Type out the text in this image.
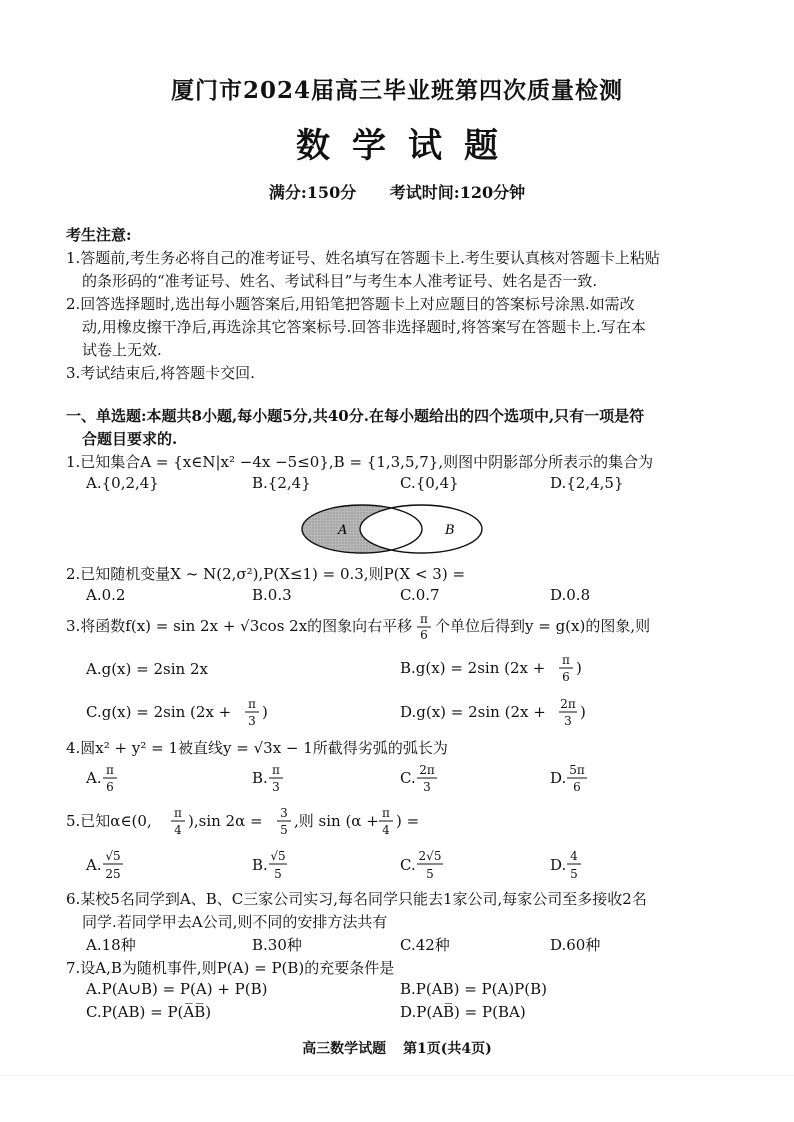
厦门市2024届高三毕业班第四次质量检测
数学试题
满分:150分 考试时间:120分钟
考生注意:
1.答题前,考生务必将自己的准考证号、姓名填写在答题卡上.考生要认真核对答题卡上粘贴
的条形码的“准考证号、姓名、考试科目”与考生本人准考证号、姓名是否一致.
2.回答选择题时,选出每小题答案后,用铅笔把答题卡上对应题目的答案标号涂黑.如需改
动,用橡皮擦干净后,再选涂其它答案标号.回答非选择题时,将答案写在答题卡上.写在本
试卷上无效.
3.考试结束后,将答题卡交回.
一、单选题:本题共8小题,每小题5分,共40分.在每小题给出的四个选项中,只有一项是符
合题目要求的.
1.已知集合A = {x∈N|x² −4x −5≤0},B = {1,3,5,7},则图中阴影部分所表示的集合为
A.{0,2,4}	B.{2,4}	C.{0,4}	D.{2,4,5}
A	B
2.已知随机变量X ~ N(2,σ²),P(X≤1) = 0.3,则P(X < 3) =
A.0.2	B.0.3	C.0.7	D.0.8
3.将函数f(x) = sin 2x + √3cos 2x的图象向右平移 π
6 个单位后得到y = g(x)的图象,则
A.g(x) = 2sin 2x	B.g(x) = 2sin (2x + π
6 )
C.g(x) = 2sin (2x + π
3 )	D.g(x) = 2sin (2x + 2π
3 )
4.圆x² + y² = 1被直线y = √3x − 1所截得劣弧的弧长为
A. π
6	B. π
3	C. 2π
3	D. 5π
6
5.已知α∈(0, π
4 ),sin 2α = 3
5 ,则 sin (α + π
4 ) =
A. √5
25	B. √5
5	C. 2√5
5	D. 4
5
6.某校5名同学到A、B、C三家公司实习,每名同学只能去1家公司,每家公司至多接收2名
同学.若同学甲去A公司,则不同的安排方法共有
A.18种	B.30种	C.42种	D.60种
7.设A,B为随机事件,则P(A) = P(B)的充要条件是
A.P(A∪B) = P(A) + P(B)	B.P(AB) = P(A)P(B)
C.P(AB) = P(A̅B̅)	D.P(AB̅) = P(BA)
高三数学试题 第1页(共4页)
